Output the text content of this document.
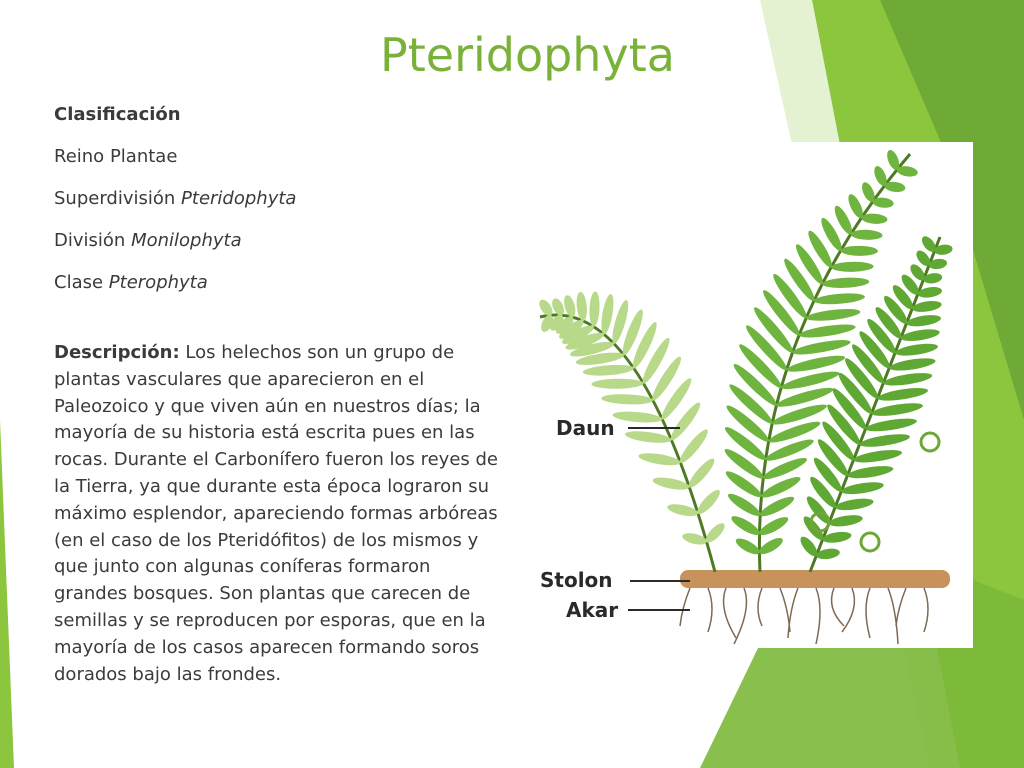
Pteridophyta

Clasificación

Reino Plantae

Superdivisión Pteridophyta

División Monilophyta

Clase Pterophyta

Descripción: Los helechos son un grupo de plantas vasculares que aparecieron en el Paleozoico y que viven aún en nuestros días; la mayoría de su historia está escrita pues en las rocas. Durante el Carbonífero fueron los reyes de la Tierra, ya que durante esta época lograron su máximo esplendor, apareciendo formas arbóreas (en el caso de los Pteridófitos) de los mismos y que junto con algunas coníferas formaron grandes bosques. Son plantas que carecen de semillas y se reproducen por esporas, que en la mayoría de los casos aparecen formando soros dorados bajo las frondes.

Daun
Stolon
Akar
